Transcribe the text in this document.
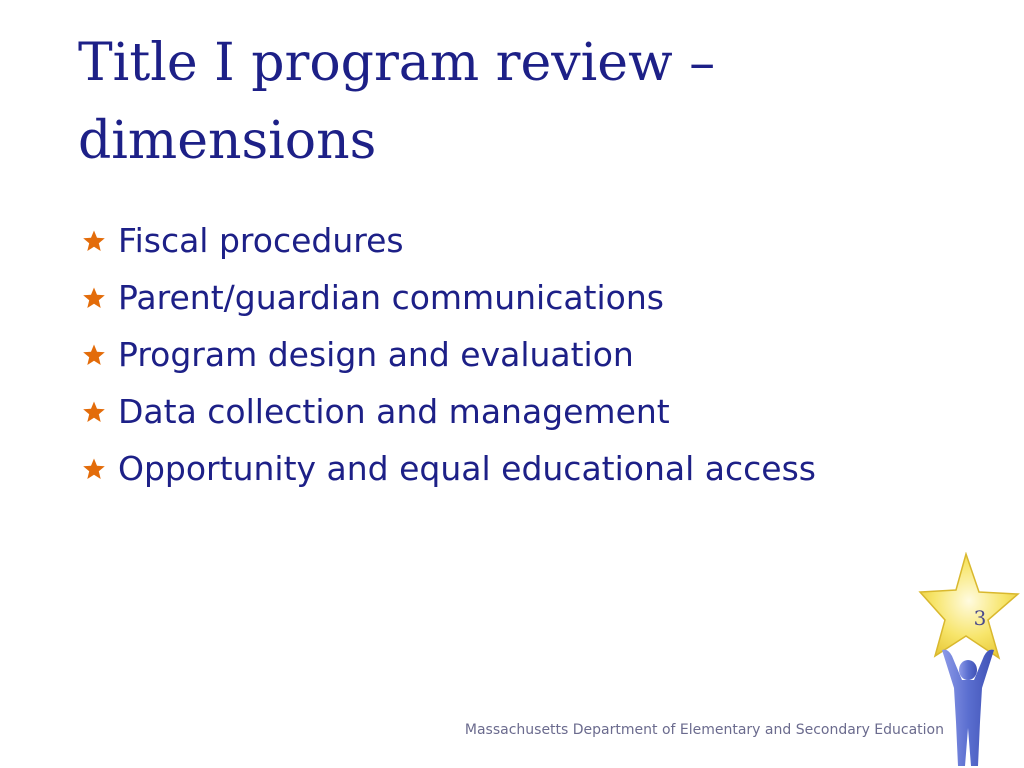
Title I program review – dimensions
Fiscal procedures
Parent/guardian communications
Program design and evaluation
Data collection and management
Opportunity and equal educational access
Massachusetts Department of Elementary and Secondary Education
3
